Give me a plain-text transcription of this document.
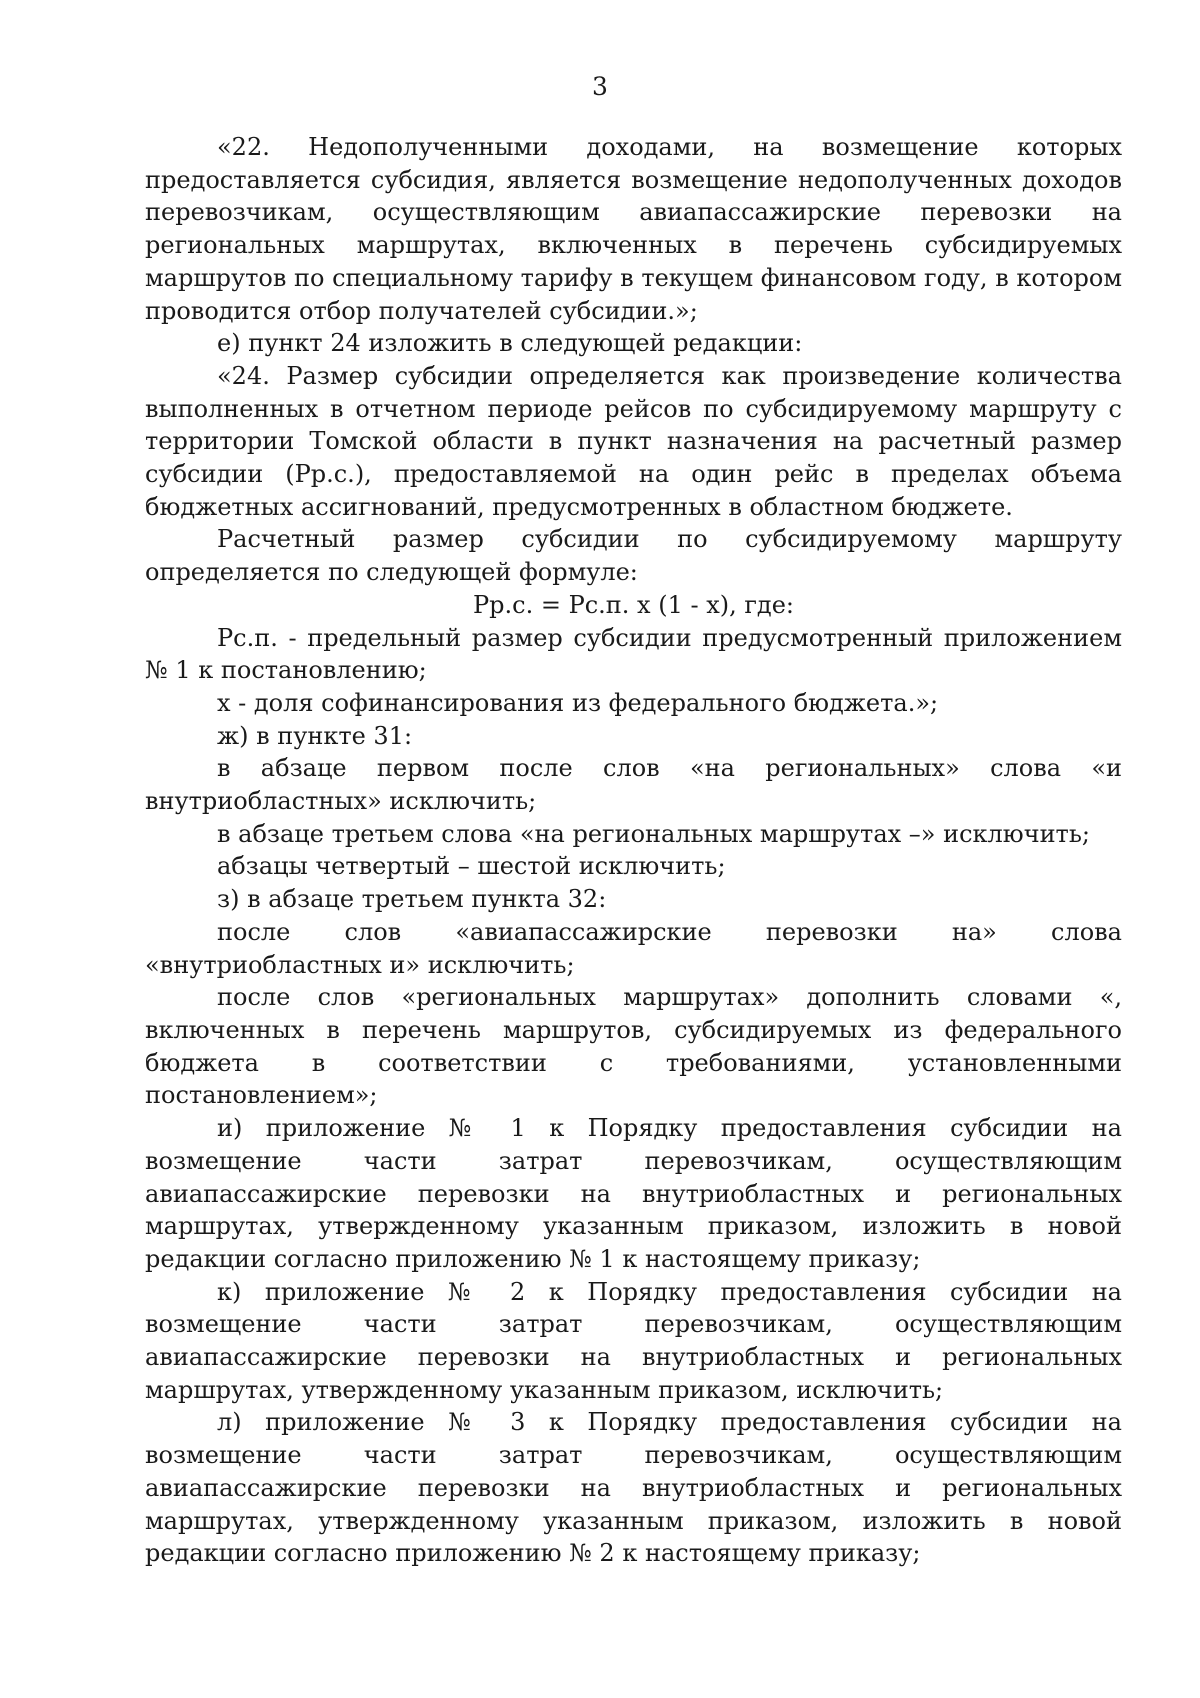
3

«22. Недополученными доходами, на возмещение которых предоставляется субсидия, является возмещение недополученных доходов перевозчикам, осуществляющим авиапассажирские перевозки на региональных маршрутах, включенных в перечень субсидируемых маршрутов по специальному тарифу в текущем финансовом году, в котором проводится отбор получателей субсидии.»;

е) пункт 24 изложить в следующей редакции:

«24. Размер субсидии определяется как произведение количества выполненных в отчетном периоде рейсов по субсидируемому маршруту с территории Томской области в пункт назначения на расчетный размер субсидии (Рр.с.), предоставляемой на один рейс в пределах объема бюджетных ассигнований, предусмотренных в областном бюджете.

Расчетный размер субсидии по субсидируемому маршруту определяется по следующей формуле:

Рр.с. = Рс.п. x (1 - x), где:

Рс.п. - предельный размер субсидии предусмотренный приложением № 1 к постановлению;

x - доля софинансирования из федерального бюджета.»;

ж) в пункте 31:

в абзаце первом после слов «на региональных» слова «и внутриобластных» исключить;

в абзаце третьем слова «на региональных маршрутах –» исключить;

абзацы четвертый – шестой исключить;

з) в абзаце третьем пункта 32:

после слов «авиапассажирские перевозки на» слова «внутриобластных и» исключить;

после слов «региональных маршрутах» дополнить словами «, включенных в перечень маршрутов, субсидируемых из федерального бюджета в соответствии с требованиями, установленными постановлением»;

и) приложение № 1 к Порядку предоставления субсидии на возмещение части затрат перевозчикам, осуществляющим авиапассажирские перевозки на внутриобластных и региональных маршрутах, утвержденному указанным приказом, изложить в новой редакции согласно приложению № 1 к настоящему приказу;

к) приложение № 2 к Порядку предоставления субсидии на возмещение части затрат перевозчикам, осуществляющим авиапассажирские перевозки на внутриобластных и региональных маршрутах, утвержденному указанным приказом, исключить;

л) приложение № 3 к Порядку предоставления субсидии на возмещение части затрат перевозчикам, осуществляющим авиапассажирские перевозки на внутриобластных и региональных маршрутах, утвержденному указанным приказом, изложить в новой редакции согласно приложению № 2 к настоящему приказу;
